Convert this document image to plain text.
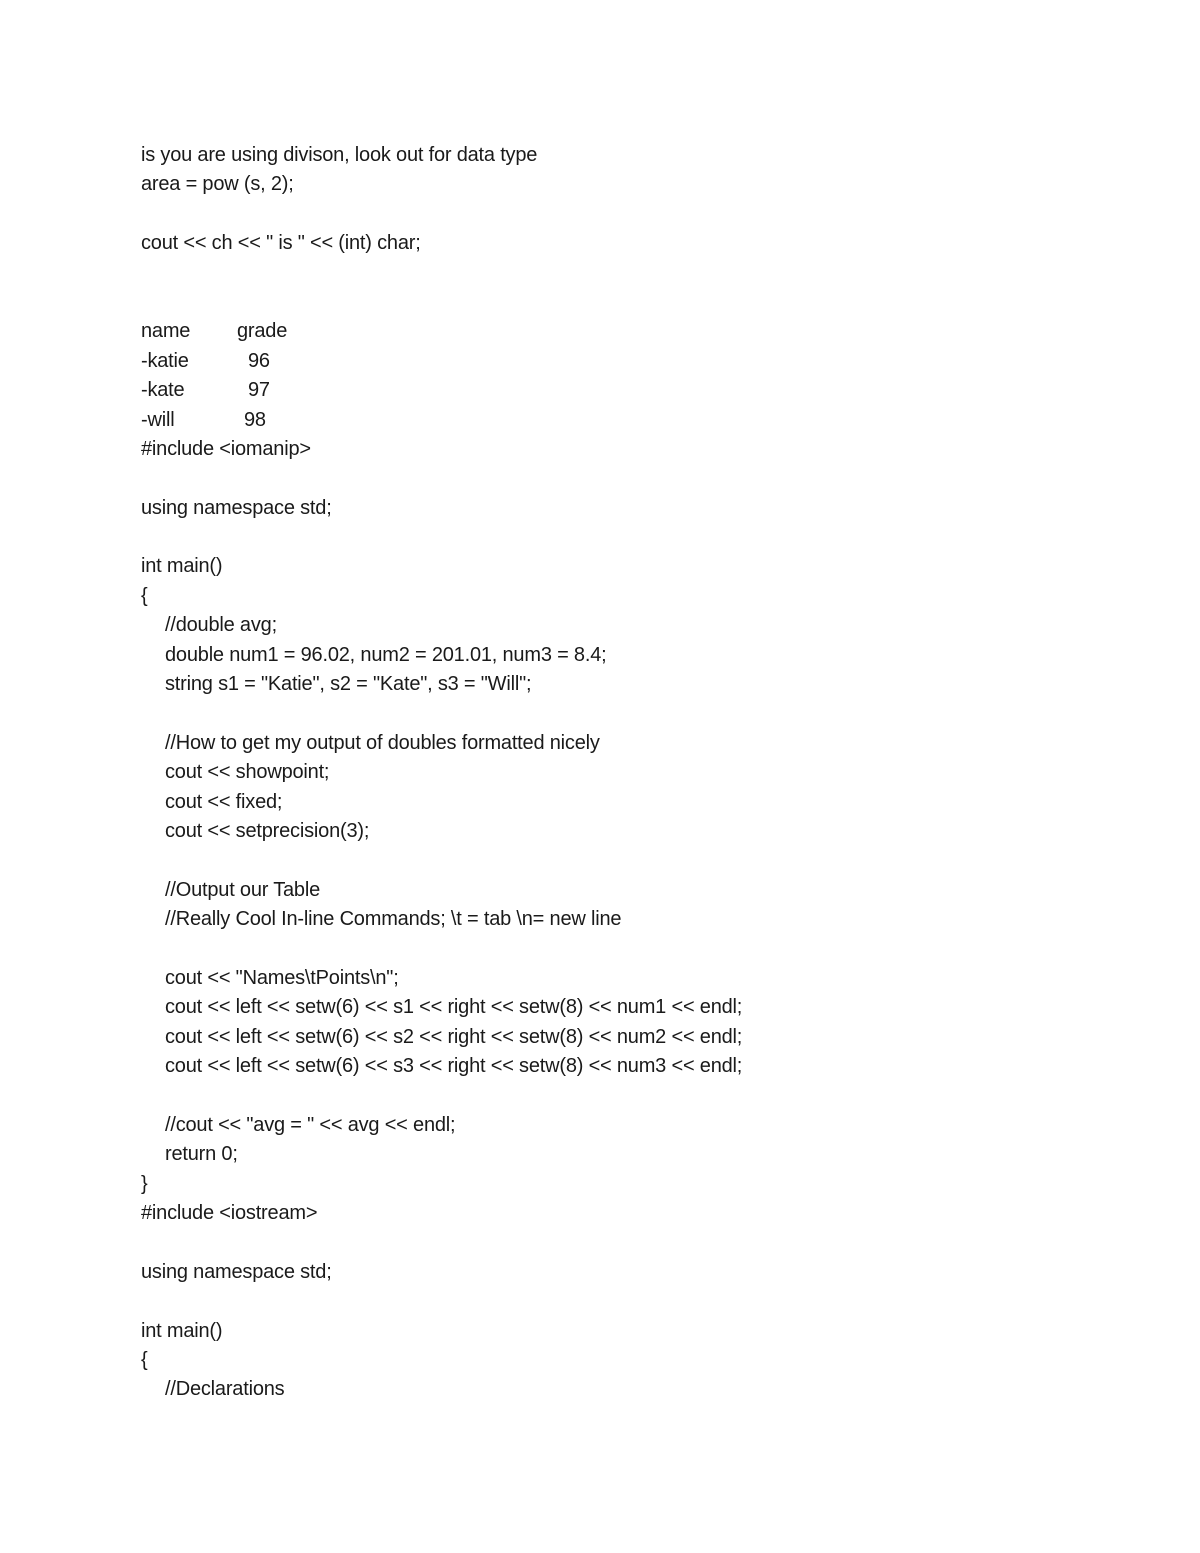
is you are using divison, look out for data type
area = pow (s, 2);
cout << ch << " is " << (int) char;
name	grade
-katie	96
-kate	97
-will	98
#include <iomanip>
using namespace std;
int main()
{
//double avg;
double num1 = 96.02, num2 = 201.01, num3 = 8.4;
string s1 = "Katie", s2 = "Kate", s3 = "Will";
//How to get my output of doubles formatted nicely
cout << showpoint;
cout << fixed;
cout << setprecision(3);
//Output our Table
//Really Cool In-line Commands; \t = tab \n= new line
cout << "Names\tPoints\n";
cout << left << setw(6) << s1 << right << setw(8) << num1 << endl;
cout << left << setw(6) << s2 << right << setw(8) << num2 << endl;
cout << left << setw(6) << s3 << right << setw(8) << num3 << endl;
//cout << "avg = " << avg << endl;
return 0;
}
#include <iostream>
using namespace std;
int main()
{
//Declarations
